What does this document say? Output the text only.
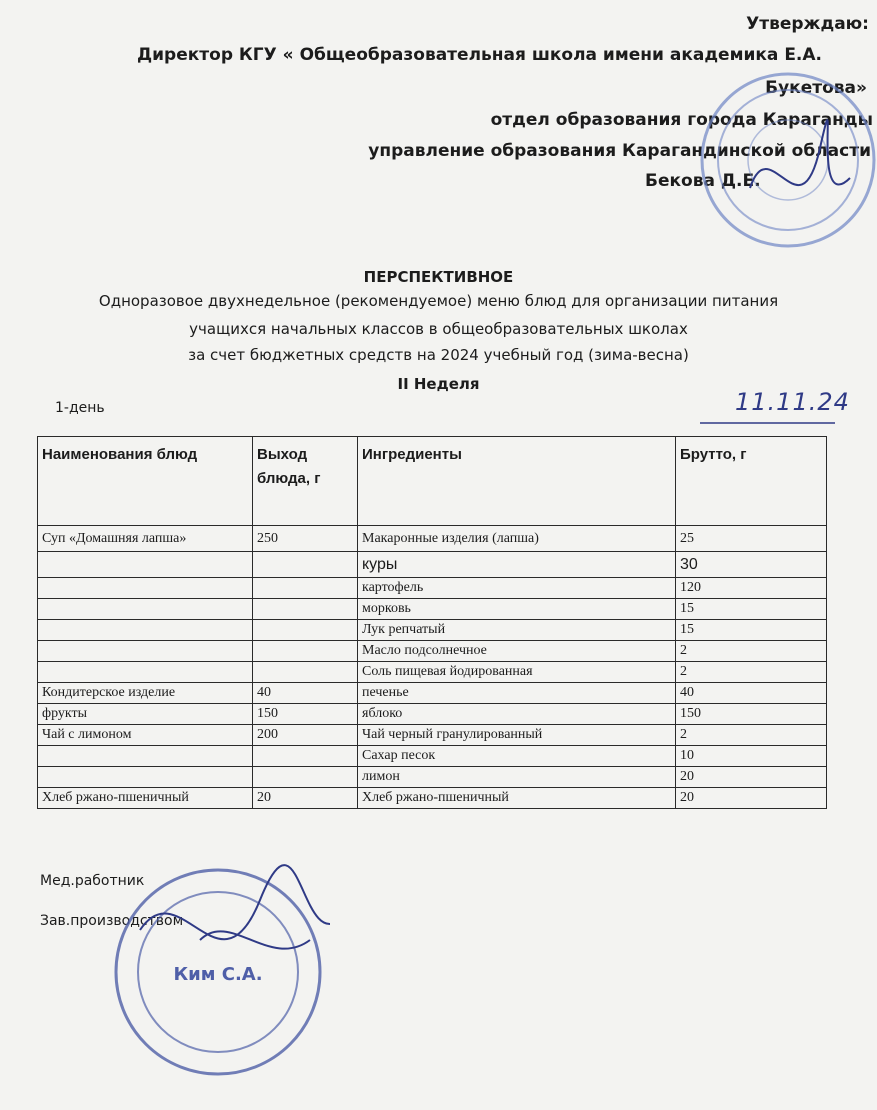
Утверждаю:
Директор КГУ « Общеобразовательная школа имени академика Е.А.
Букетова»
отдел образования города Караганды
управление образования Карагандинской области
Бекова Д.Е.
ПЕРСПЕКТИВНОЕ
Одноразовое двухнедельное (рекомендуемое) меню блюд для организации питания
учащихся начальных классов в общеобразовательных школах
за счет бюджетных средств на 2024 учебный год (зима-весна)
II Неделя
1-день	11.11.24
Наименования блюд	Выход блюда, г	Ингредиенты	Брутто, г
Суп «Домашняя лапша»	250	Макаронные изделия (лапша)	25
		куры	30
		картофель	120
		морковь	15
		Лук репчатый	15
		Масло подсолнечное	2
		Соль пищевая йодированная	2
Кондитерское изделие	40	печенье	40
фрукты	150	яблоко	150
Чай с лимоном	200	Чай черный гранулированный	2
		Сахар песок	10
		лимон	20
Хлеб ржано-пшеничный	20	Хлеб ржано-пшеничный	20
Мед.работник
Зав.производством
Ким С.А.
